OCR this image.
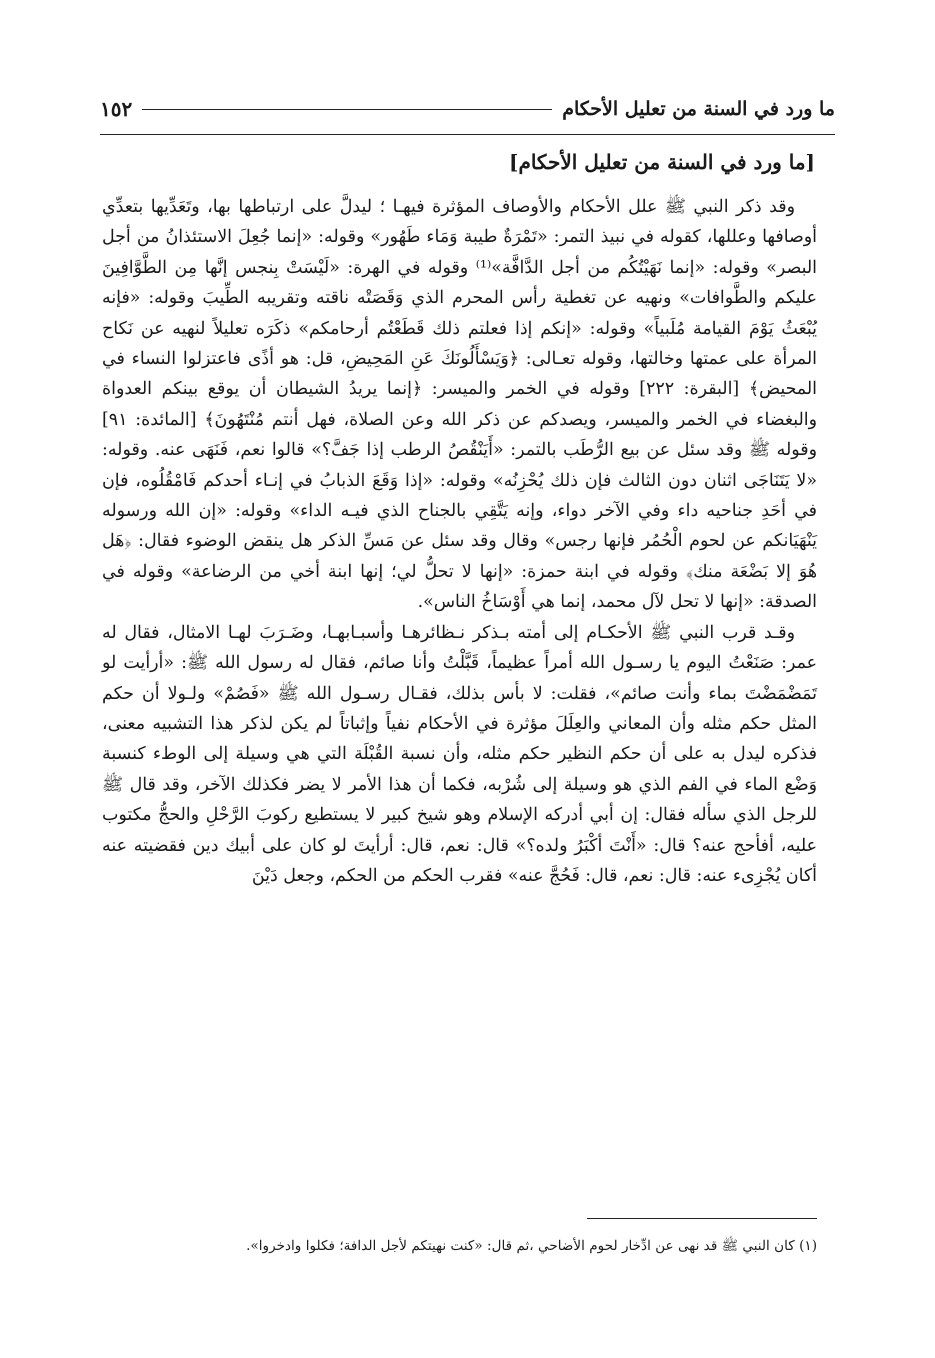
ما ورد في السنة من تعليل الأحكام
١٥٢
[ما ورد في السنة من تعليل الأحكام]

وقد ذكر النبي ﷺ علل الأحكام والأوصاف المؤثرة فيهـا ؛ ليدلَّ على ارتباطها بها، وتَعَدِّيها بتعدِّي أوصافها وعللها، كقوله في نبيذ التمر: «تَمْرَةٌ طيبة وَمَاء طَهُور» وقوله: «إنما جُعِلَ الاستئذانُ من أجل البصر» وقوله: «إنما نَهَيْتُكُم من أجل الدَّافَّة»⁽¹⁾ وقوله في الهرة: «لَيْسَتْ بِنجس إنَّها مِن الطَّوَّافِينَ عليكم والطَّوافات» ونهيه عن تغطية رأس المحرم الذي وَقَصَتْه ناقته وتقريبه الطِّيبَ وقوله: «فإنه يُبْعَثُ يَوْمَ القيامة مُلَبياً» وقوله: «إنكم إذا فعلتم ذلك قَطَعْتُم أرحامكم» ذكَرَه تعليلاً لنهيه عن نَكاح المرأة على عمتها وخالتها، وقوله تعـالى: ﴿وَيَسْأَلُونَكَ عَنِ المَحِيضِ، قل: هو أذًى فاعتزلوا النساء في المحيض﴾ [البقرة: ٢٢٢] وقوله في الخمر والميسر: ﴿إنما يريدُ الشيطان أن يوقع بينكم العدواة والبغضاء في الخمر والميسر، ويصدكم عن ذكر الله وعن الصلاة، فهل أنتم مُنْتَهُونَ﴾ [المائدة: ٩١] وقوله ﷺ وقد سئل عن بيع الرُّطَب بالتمر: «أَيَنْقُصُ الرطب إذا جَفَّ؟» قالوا نعم، فَنَهَى عنه. وقوله: «لا يَتَنَاجَى اثنان دون الثالث فإن ذلك يُحْزِنُه» وقوله: «إذا وَقَعَ الذبابُ في إنـاء أحدكم فَامْقُلُوه، فإن في أحَدِ جناحيه داء وفي الآخر دواء، وإنه يَتَّقِي بالجناح الذي فيـه الداء» وقوله: «إن الله ورسوله يَنْهَيَانكم عن لحوم الْحُمُر فإنها رجس» وقال وقد سئل عن مَسِّ الذكر هل ينقض الوضوء فقال: ﴿هَل هُوَ إلا بَضْعَة منك﴾ وقوله في ابنة حمزة: «إنها لا تحلُّ لي؛ إنها ابنة أخي من الرضاعة» وقوله في الصدقة: «إنها لا تحل لآل محمد، إنما هي أَوْسَاخُ الناس».

وقـد قرب النبي ﷺ الأحكـام إلى أمته بـذكر نـظائرهـا وأسبـابهـا، وضَـرَبَ لهـا الامثال، فقال له عمر: صَنَعْتُ اليوم يا رسـول الله أمراً عظيماً، قَبَّلْتُ وأنا صائم، فقال له رسول الله ﷺ: «أرأيت لو تَمَضْمَضْتَ بماء وأنت صائم»، فقلت: لا بأس بذلك، فقـال رسـول الله ﷺ «فَصُمْ» ولـولا أن حكم المثل حكم مثله وأن المعاني والعِلَلَ مؤثرة في الأحكام نفياً وإثباتاً لم يكن لذكر هذا التشبيه معنى، فذكره ليدل به على أن حكم النظير حكم مثله، وأن نسبة القُبْلَة التي هي وسيلة إلى الوطء كنسبة وَضْع الماء في الفم الذي هو وسيلة إلى شُرْبه، فكما أن هذا الأمر لا يضر فكذلك الآخر، وقد قال ﷺ للرجل الذي سأله فقال: إن أبي أدركه الإسلام وهو شيخ كبير لا يستطيع ركوبَ الرَّحْلِ والحجُّ مكتوب عليه، أفأحج عنه؟ قال: «أَنْتَ أكْبَرُ ولده؟» قال: نعم، قال: أرأيتَ لو كان على أبيك دين فقضيته عنه أكان يُجْزِىء عنه: قال: نعم، قال: فَحُجَّ عنه» فقرب الحكم من الحكم، وجعل دَيْنَ

(١) كان النبي ﷺ قد نهى عن ادِّخار لحوم الأضاحي ،ثم قال: «كنت نهيتكم لأجل الدافة؛ فكلوا وادخروا».
